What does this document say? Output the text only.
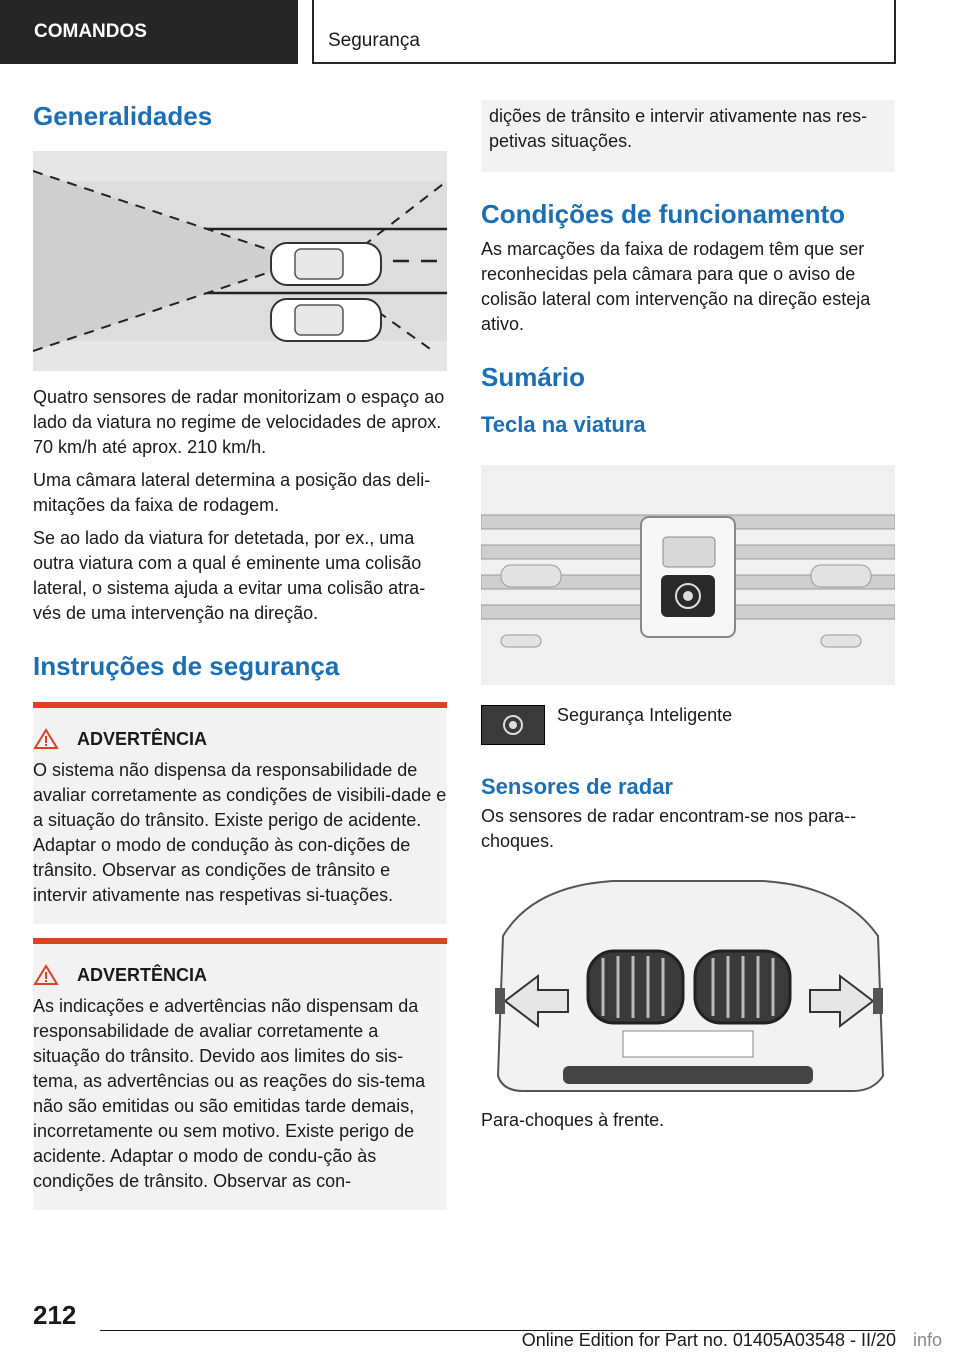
COMANDOS	Segurança
Generalidades

Quatro sensores de radar monitorizam o espaço ao lado da viatura no regime de velocidades de aprox. 70 km/h até aprox. 210 km/h.

Uma câmara lateral determina a posição das deli‐mitações da faixa de rodagem.

Se ao lado da viatura for detetada, por ex., uma outra viatura com a qual é eminente uma colisão lateral, o sistema ajuda a evitar uma colisão atra‐vés de uma intervenção na direção.

Instruções de segurança
ADVERTÊNCIA

O sistema não dispensa da responsabilidade de avaliar corretamente as condições de visibili‐dade e a situação do trânsito. Existe perigo de acidente. Adaptar o modo de condução às con‐dições de trânsito. Observar as condições de trânsito e intervir ativamente nas respetivas si‐tuações.

ADVERTÊNCIA

As indicações e advertências não dispensam da responsabilidade de avaliar corretamente a situação do trânsito. Devido aos limites do sis‐tema, as advertências ou as reações do sis‐tema não são emitidas ou são emitidas tarde demais, incorretamente ou sem motivo. Existe perigo de acidente. Adaptar o modo de condu‐ção às condições de trânsito. Observar as con‐

dições de trânsito e intervir ativamente nas res‐petivas situações.

Condições de funcionamento

As marcações da faixa de rodagem têm que ser reconhecidas pela câmara para que o aviso de colisão lateral com intervenção na direção esteja ativo.

Sumário
Tecla na viatura
Segurança Inteligente
Sensores de radar

Os sensores de radar encontram-se nos para‐-choques.

Para-choques à frente.

212
Online Edition for Part no. 01405A03548 - II/20 info
